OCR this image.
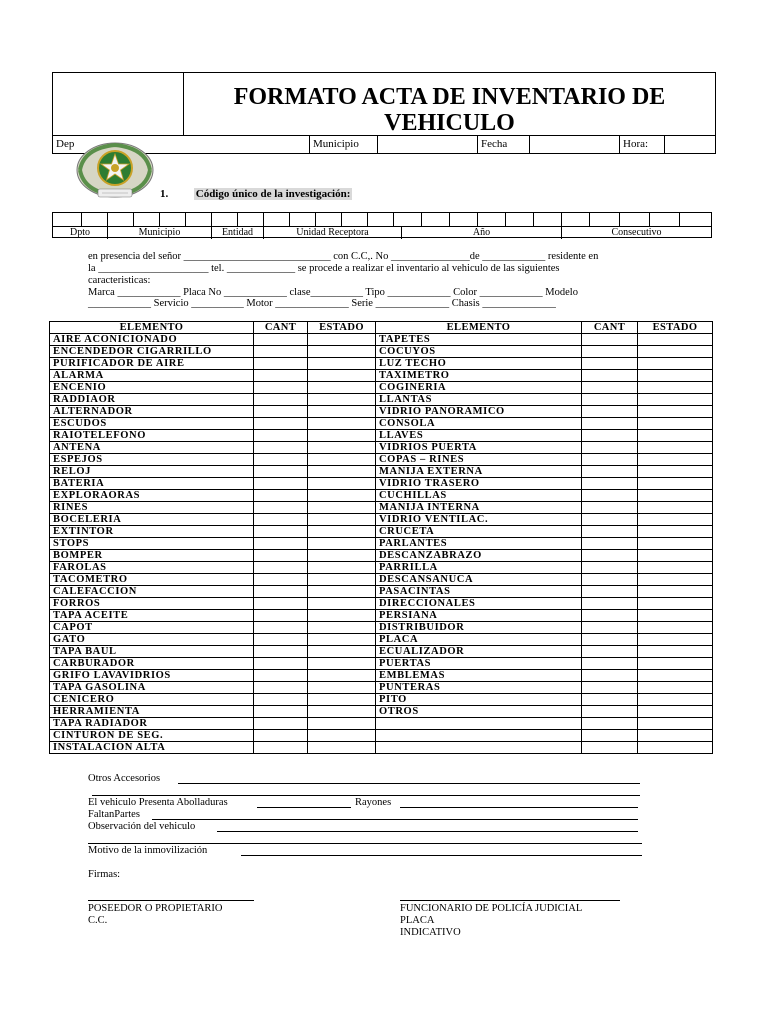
FORMATO ACTA DE INVENTARIO DE VEHICULO
Dep	Municipio	Fecha	Hora:
1.	Código único de la investigación:
Dpto	Municipio	Entidad	Unidad Receptora	Año	Consecutivo
en presencia del señor ____________________________ con C.C,. No _______________de ____________ residente en
la _____________________ tel. _____________ se procede a realizar el inventario al vehiculo de las siguientes
caracteristicas:
Marca ____________ Placa No ____________ clase__________ Tipo ____________ Color ____________ Modelo
____________ Servicio __________ Motor ______________ Serie ______________ Chasis ______________
ELEMENTO	CANT	ESTADO	ELEMENTO	CANT	ESTADO
AIRE ACONICIONADO			TAPETES		
ENCENDEDOR CIGARRILLO			COCUYOS		
PURIFICADOR DE AIRE			LUZ TECHO		
ALARMA			TAXIMETRO		
ENCENIO			COGINERIA		
RADDIAOR			LLANTAS		
ALTERNADOR			VIDRIO PANORAMICO		
ESCUDOS			CONSOLA		
RAIOTELEFONO			LLAVES		
ANTENA			VIDRIOS PUERTA		
ESPEJOS			COPAS – RINES		
RELOJ			MANIJA EXTERNA		
BATERIA			VIDRIO TRASERO		
EXPLORAORAS			CUCHILLAS		
RINES			MANIJA INTERNA		
BOCELERIA			VIDRIO VENTILAC.		
EXTINTOR			CRUCETA		
STOPS			PARLANTES		
BOMPER			DESCANZABRAZO		
FAROLAS			PARRILLA		
TACOMETRO			DESCANSANUCA		
CALEFACCION			PASACINTAS		
FORROS			DIRECCIONALES		
TAPA ACEITE			PERSIANA		
CAPOT			DISTRIBUIDOR		
GATO			PLACA		
TAPA BAUL			ECUALIZADOR		
CARBURADOR			PUERTAS		
GRIFO LAVAVIDRIOS			EMBLEMAS		
TAPA GASOLINA			PUNTERAS		
CENICERO			PITO		
HERRAMIENTA			OTROS		
TAPA RADIADOR					
CINTURON DE SEG.					
INSTALACION ALTA					
Otros Accesorios
El vehiculo Presenta Abolladuras	Rayones
FaltanPartes
Observación del vehiculo
Motivo de la inmovilización
Firmas:
POSEEDOR O PROPIETARIO
C.C.
FUNCIONARIO DE POLICÍA JUDICIAL
PLACA
INDICATIVO
